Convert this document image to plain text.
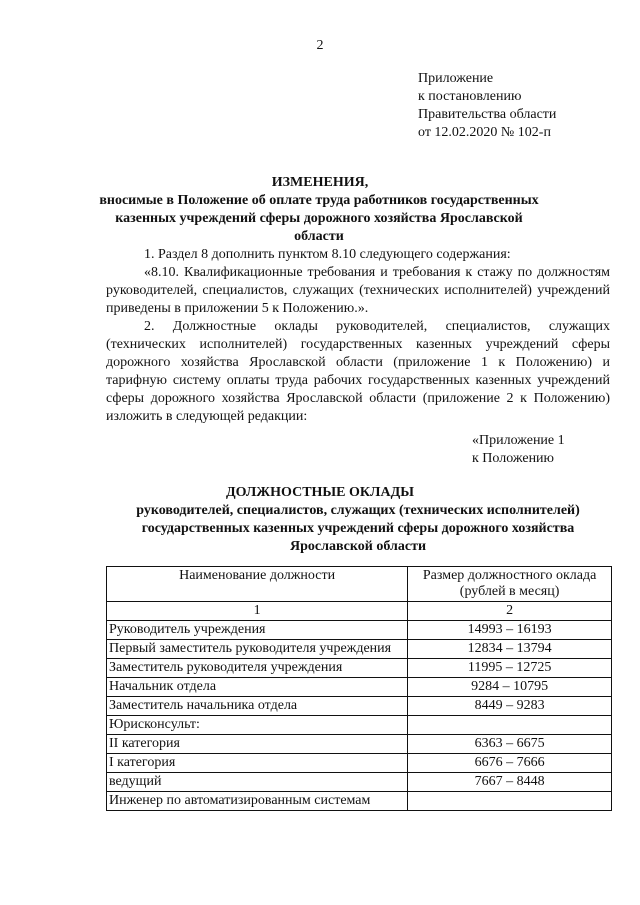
2
Приложение
к постановлению
Правительства области
от 12.02.2020 № 102-п
ИЗМЕНЕНИЯ,
вносимые в Положение об оплате труда работников государственных казенных учреждений сферы дорожного хозяйства Ярославской области

1. Раздел 8 дополнить пунктом 8.10 следующего содержания:

«8.10. Квалификационные требования и требования к стажу по должностям руководителей, специалистов, служащих (технических исполнителей) учреждений приведены в приложении 5 к Положению.».

2. Должностные оклады руководителей, специалистов, служащих (технических исполнителей) государственных казенных учреждений сферы дорожного хозяйства Ярославской области (приложение 1 к Положению) и тарифную систему оплаты труда рабочих государственных казенных учреждений сферы дорожного хозяйства Ярославской области (приложение 2 к Положению) изложить в следующей редакции:

«Приложение 1
к Положению
ДОЛЖНОСТНЫЕ ОКЛАДЫ
руководителей, специалистов, служащих (технических исполнителей) государственных казенных учреждений сферы дорожного хозяйства Ярославской области
Наименование должности	Размер должностного оклада (рублей в месяц)
1	2
Руководитель учреждения	14993 – 16193
Первый заместитель руководителя учреждения	12834 – 13794
Заместитель руководителя учреждения	11995 – 12725
Начальник отдела	9284 – 10795
Заместитель начальника отдела	8449 – 9283
Юрисконсульт:	
II категория	6363 – 6675
I категория	6676 – 7666
ведущий	7667 – 8448
Инженер по автоматизированным системам	
